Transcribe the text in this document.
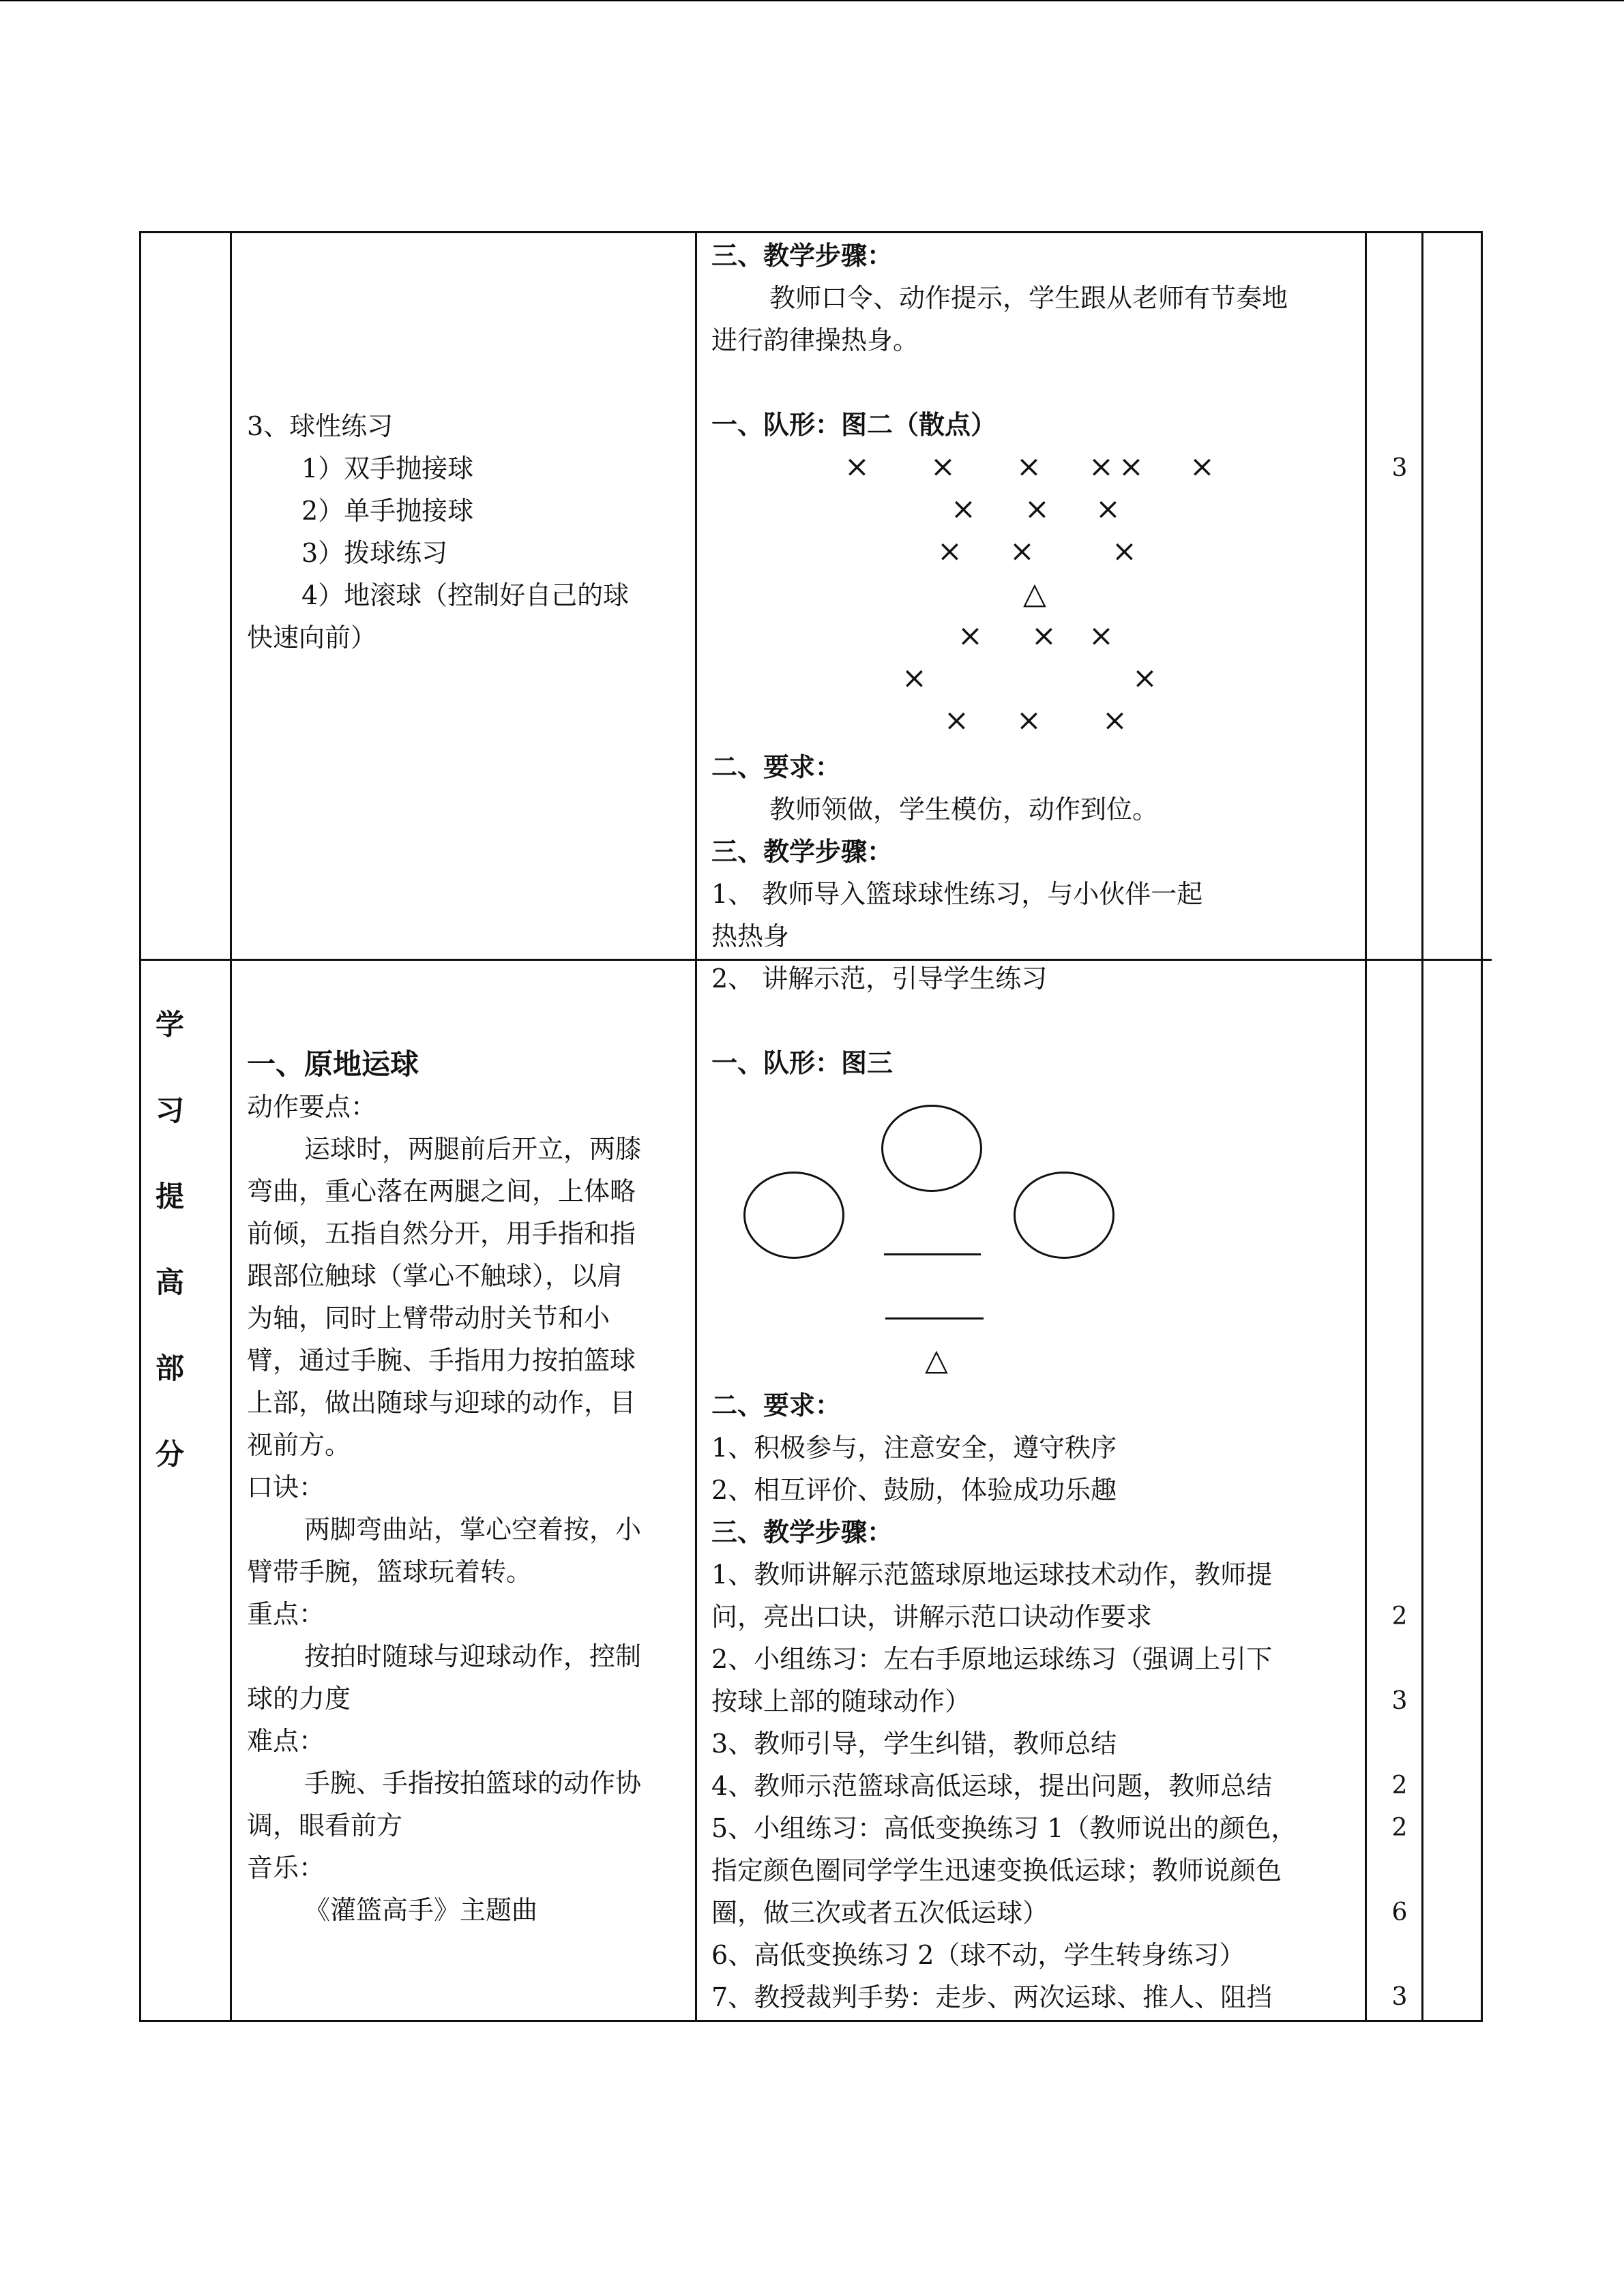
3、球性练习
1）双手抛接球
2）单手抛接球
3）拨球练习
4）地滚球（控制好自己的球
快速向前）
三、教学步骤：
教师口令、动作提示，学生跟从老师有节奏地
进行韵律操热身。
一、队形：图二（散点）
× × × × × ×
× × ×
× ×	×
△
× × ×
×	×
× × ×
二、要求：
教师领做，学生模仿，动作到位。
三、教学步骤：
1、 教师导入篮球球性练习，与小伙伴一起
热热身
3
学
习
提
高
部
分
一、原地运球
动作要点：
运球时，两腿前后开立，两膝
弯曲，重心落在两腿之间，上体略
前倾，五指自然分开，用手指和指
跟部位触球（掌心不触球），以肩
为轴，同时上臂带动肘关节和小
臂，通过手腕、手指用力按拍篮球
上部，做出随球与迎球的动作，目
视前方。
口诀：
两脚弯曲站，掌心空着按，小
臂带手腕，篮球玩着转。
重点：
按拍时随球与迎球动作，控制
球的力度
难点：
手腕、手指按拍篮球的动作协
调，眼看前方
音乐：
《灌篮高手》主题曲
2、 讲解示范，引导学生练习
一、队形：图三
△
二、要求：
1、积极参与，注意安全，遵守秩序
2、相互评价、鼓励，体验成功乐趣
三、教学步骤：
1、教师讲解示范篮球原地运球技术动作，教师提
问，亮出口诀，讲解示范口诀动作要求
2、小组练习：左右手原地运球练习（强调上引下
按球上部的随球动作）
3、教师引导，学生纠错，教师总结
4、教师示范篮球高低运球，提出问题，教师总结
5、小组练习：高低变换练习 1（教师说出的颜色，
指定颜色圈同学学生迅速变换低运球；教师说颜色
圈，做三次或者五次低运球）
6、高低变换练习 2（球不动，学生转身练习）
7、教授裁判手势：走步、两次运球、推人、阻挡
2
3
2
2
6
3
